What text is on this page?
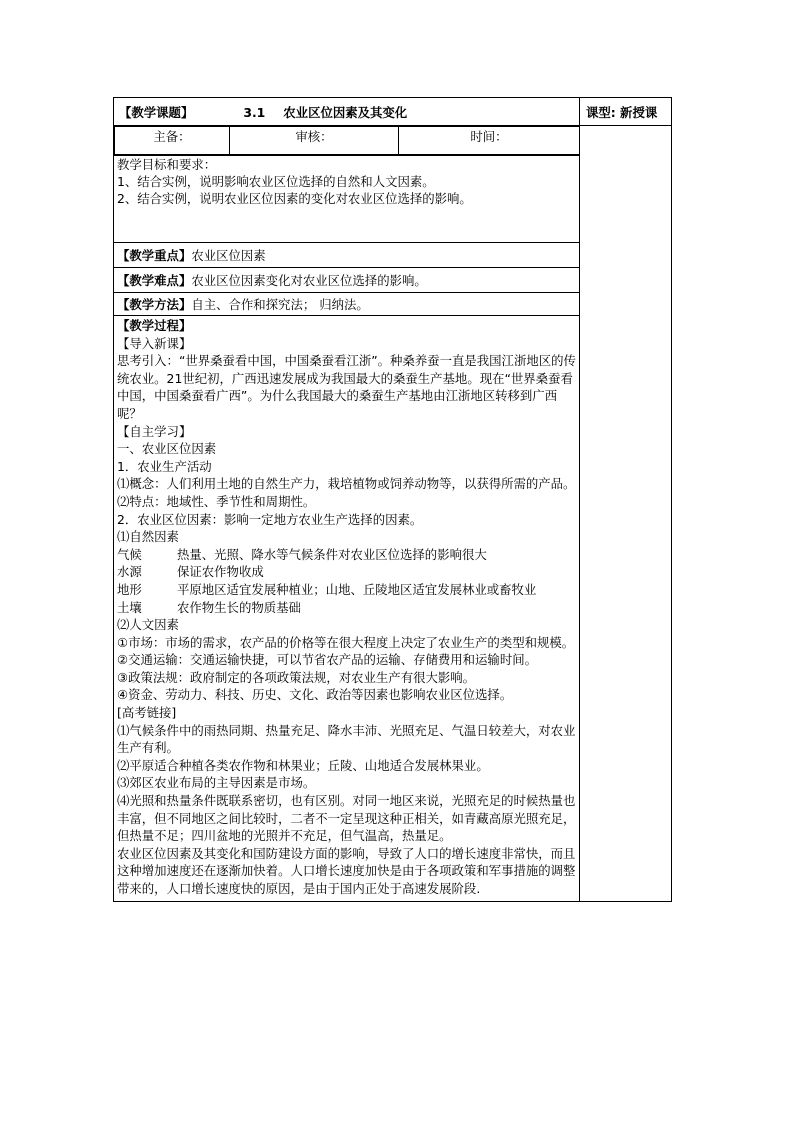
【教学课题】	3.1 农业区位因素及其变化	课型: 新授课

主备：	审核：	时间：

教学目标和要求：
1、结合实例，说明影响农业区位选择的自然和人文因素。
2、结合实例，说明农业区位因素的变化对农业区位选择的影响。

【教学重点】农业区位因素
【教学难点】农业区位因素变化对农业区位选择的影响。
【教学方法】自主、合作和探究法； 归纳法。

【教学过程】

【导入新课】

思考引入：“世界桑蚕看中国，中国桑蚕看江浙”。种桑养蚕一直是我国江浙地区的传统农业。21世纪初，广西迅速发展成为我国最大的桑蚕生产基地。现在“世界桑蚕看中国，中国桑蚕看广西”。为什么我国最大的桑蚕生产基地由江浙地区转移到广西呢？

【自主学习】

一、农业区位因素

1．农业生产活动

⑴概念：人们利用土地的自然生产力，栽培植物或饲养动物等，以获得所需的产品。

⑵特点：地域性、季节性和周期性。

2．农业区位因素：影响一定地方农业生产选择的因素。

⑴自然因素

气候	热量、光照、降水等气候条件对农业区位选择的影响很大
水源	保证农作物收成
地形	平原地区适宜发展种植业；山地、丘陵地区适宜发展林业或畜牧业
土壤	农作物生长的物质基础

⑵人文因素

①市场：市场的需求，农产品的价格等在很大程度上决定了农业生产的类型和规模。

②交通运输：交通运输快捷，可以节省农产品的运输、存储费用和运输时间。

③政策法规：政府制定的各项政策法规，对农业生产有很大影响。

④资金、劳动力、科技、历史、文化、政治等因素也影响农业区位选择。

[高考链接]

⑴气候条件中的雨热同期、热量充足、降水丰沛、光照充足、气温日较差大，对农业生产有利。

⑵平原适合种植各类农作物和林果业；丘陵、山地适合发展林果业。

⑶郊区农业布局的主导因素是市场。

⑷光照和热量条件既联系密切，也有区别。对同一地区来说，光照充足的时候热量也丰富，但不同地区之间比较时，二者不一定呈现这种正相关，如青藏高原光照充足，但热量不足；四川盆地的光照并不充足，但气温高，热量足。

农业区位因素及其变化和国防建设方面的影响，导致了人口的增长速度非常快，而且这种增加速度还在逐渐加快着。人口增长速度加快是由于各项政策和军事措施的调整带来的，人口增长速度快的原因，是由于国内正处于高速发展阶段.
